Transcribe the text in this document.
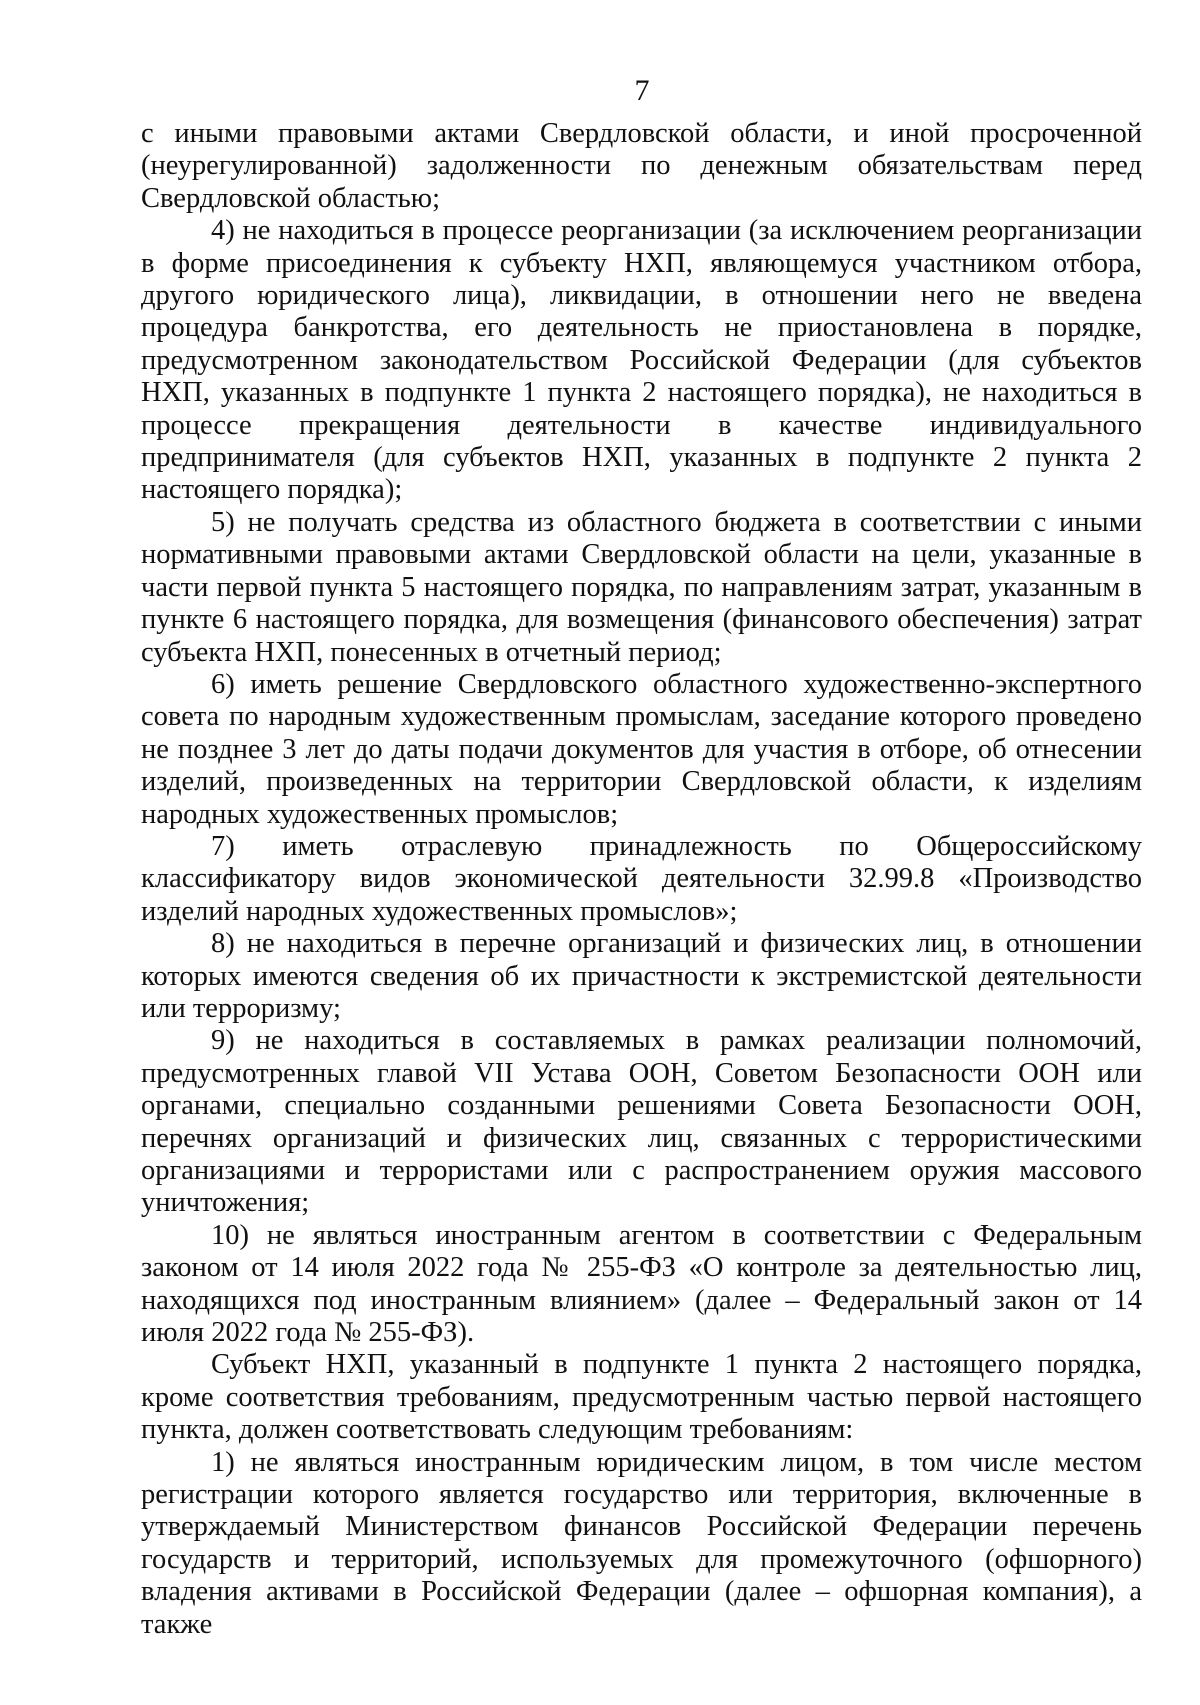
7

с иными правовыми актами Свердловской области, и иной просроченной (неурегулированной) задолженности по денежным обязательствам перед Свердловской областью;

4) не находиться в процессе реорганизации (за исключением реорганизации в форме присоединения к субъекту НХП, являющемуся участником отбора, другого юридического лица), ликвидации, в отношении него не введена процедура банкротства, его деятельность не приостановлена в порядке, предусмотренном законодательством Российской Федерации (для субъектов НХП, указанных в подпункте 1 пункта 2 настоящего порядка), не находиться в процессе прекращения деятельности в качестве индивидуального предпринимателя (для субъектов НХП, указанных в подпункте 2 пункта 2 настоящего порядка);

5) не получать средства из областного бюджета в соответствии с иными нормативными правовыми актами Свердловской области на цели, указанные в части первой пункта 5 настоящего порядка, по направлениям затрат, указанным в пункте 6 настоящего порядка, для возмещения (финансового обеспечения) затрат субъекта НХП, понесенных в отчетный период;

6) иметь решение Свердловского областного художественно-экспертного совета по народным художественным промыслам, заседание которого проведено не позднее 3 лет до даты подачи документов для участия в отборе, об отнесении изделий, произведенных на территории Свердловской области, к изделиям народных художественных промыслов;

7) иметь отраслевую принадлежность по Общероссийскому классификатору видов экономической деятельности 32.99.8 «Производство изделий народных художественных промыслов»;

8) не находиться в перечне организаций и физических лиц, в отношении которых имеются сведения об их причастности к экстремистской деятельности или терроризму;

9) не находиться в составляемых в рамках реализации полномочий, предусмотренных главой VII Устава ООН, Советом Безопасности ООН или органами, специально созданными решениями Совета Безопасности ООН, перечнях организаций и физических лиц, связанных с террористическими организациями и террористами или с распространением оружия массового уничтожения;

10) не являться иностранным агентом в соответствии с Федеральным законом от 14 июля 2022 года № 255-ФЗ «О контроле за деятельностью лиц, находящихся под иностранным влиянием» (далее – Федеральный закон от 14 июля 2022 года № 255-ФЗ).

Субъект НХП, указанный в подпункте 1 пункта 2 настоящего порядка, кроме соответствия требованиям, предусмотренным частью первой настоящего пункта, должен соответствовать следующим требованиям:

1) не являться иностранным юридическим лицом, в том числе местом регистрации которого является государство или территория, включенные в утверждаемый Министерством финансов Российской Федерации перечень государств и территорий, используемых для промежуточного (офшорного) владения активами в Российской Федерации (далее – офшорная компания), а также
